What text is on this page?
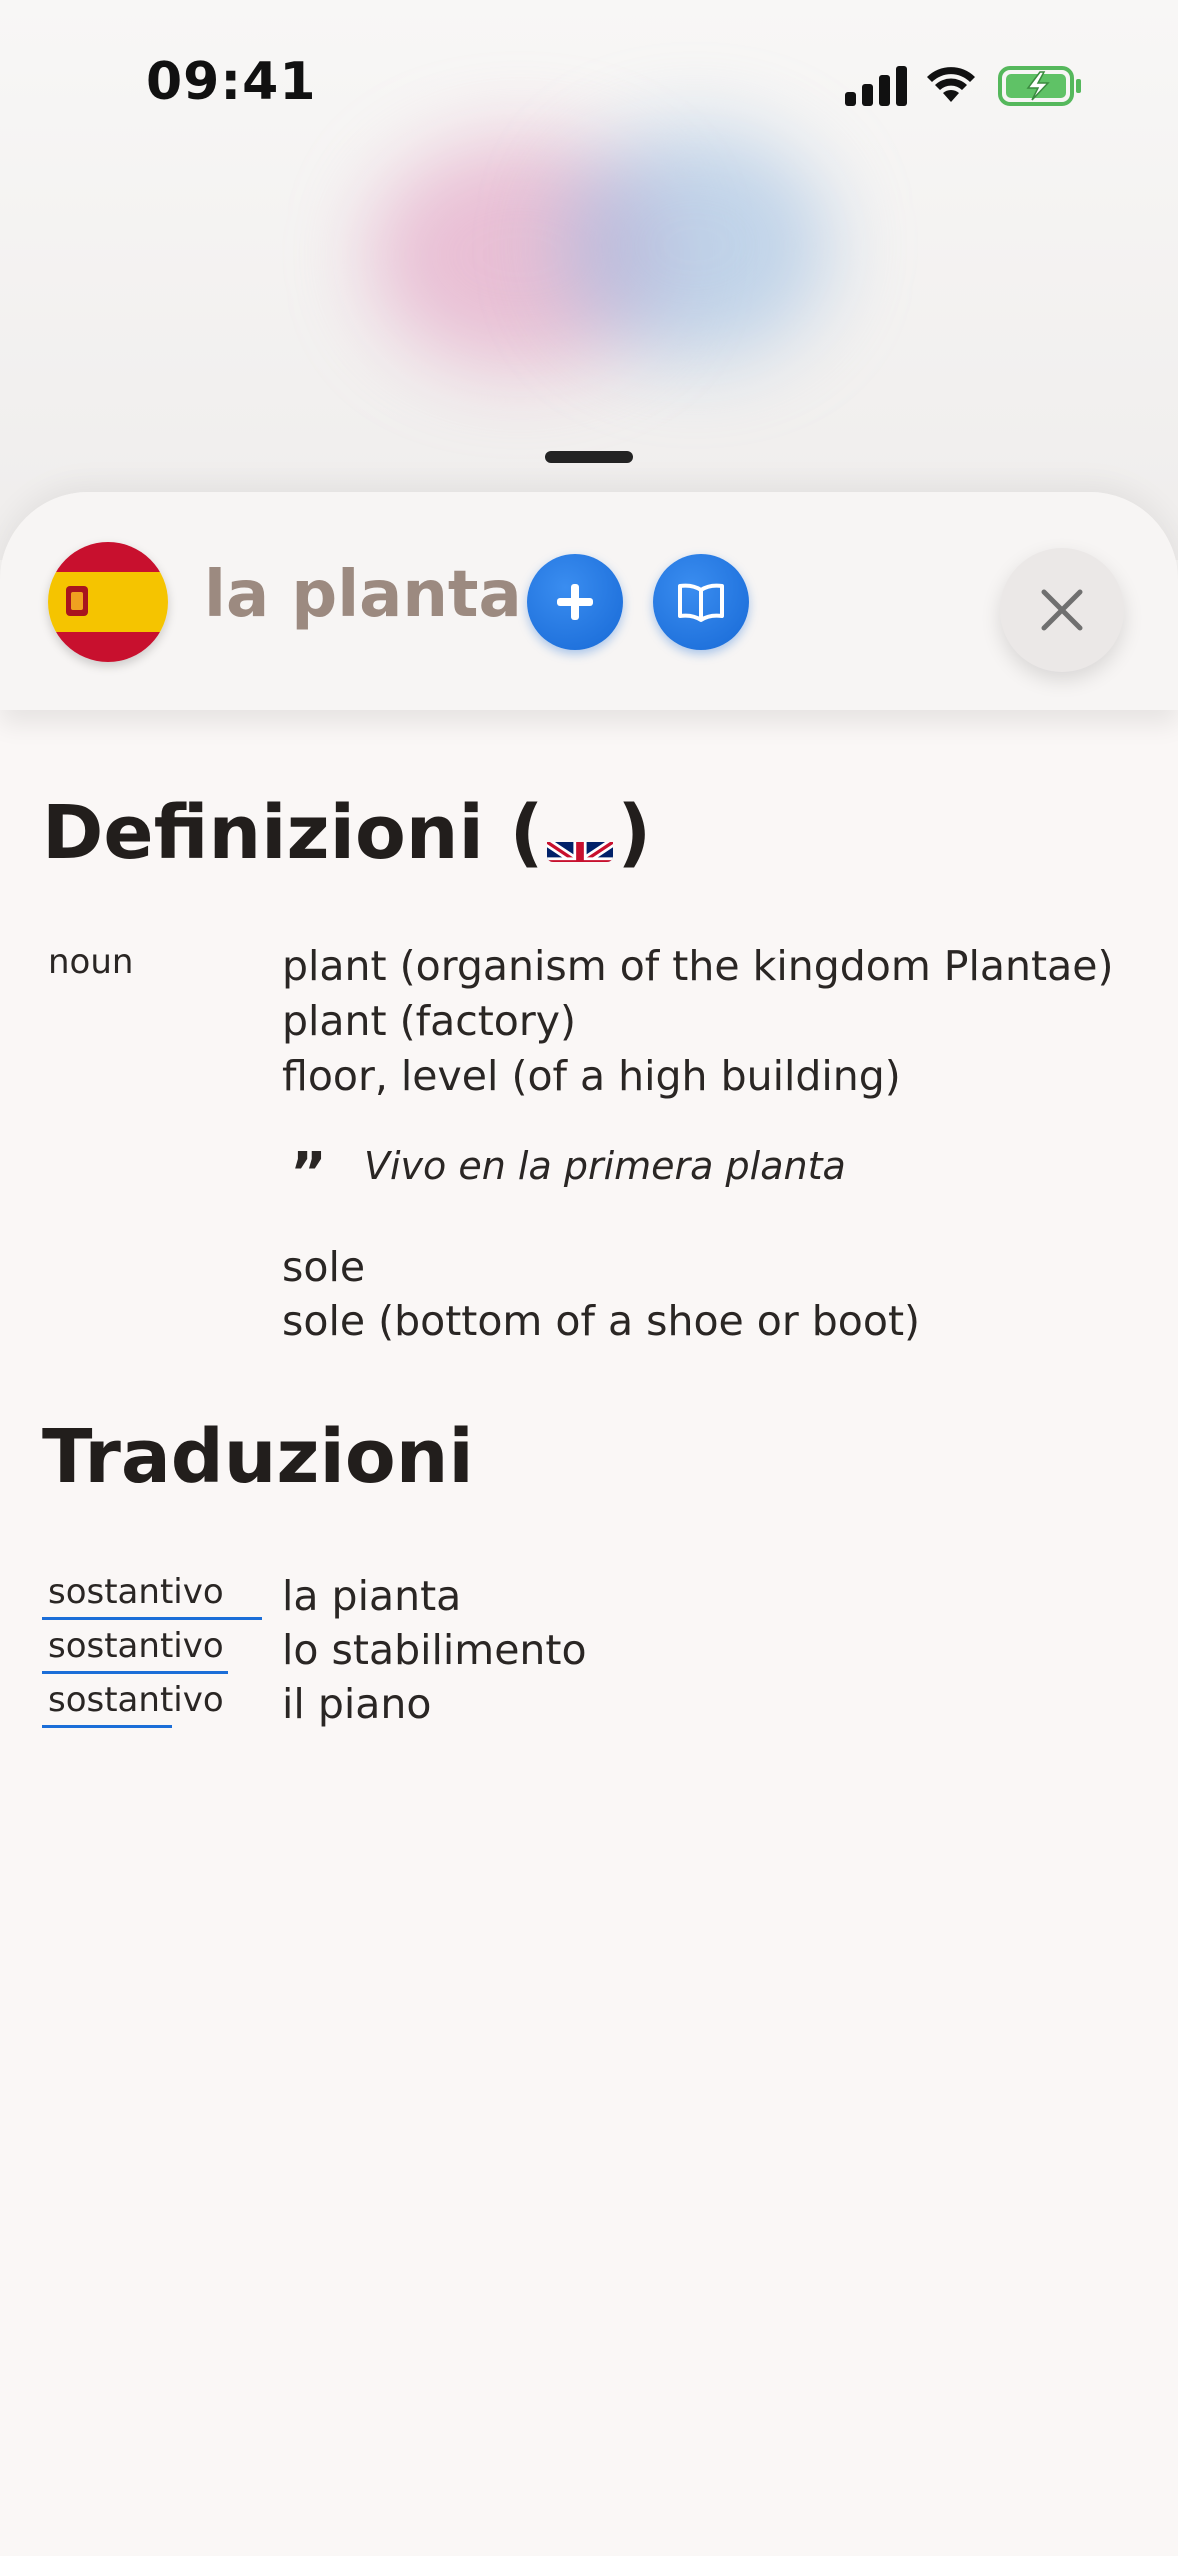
09:41
la planta
Definizioni ( )
noun	plant (organism of the kingdom Plantae)
plant (factory)
floor, level (of a high building)
” Vivo en la primera planta
sole
sole (bottom of a shoe or boot)
Traduzioni
sostantivo la pianta
sostantivo lo stabilimento
sostantivo il piano
